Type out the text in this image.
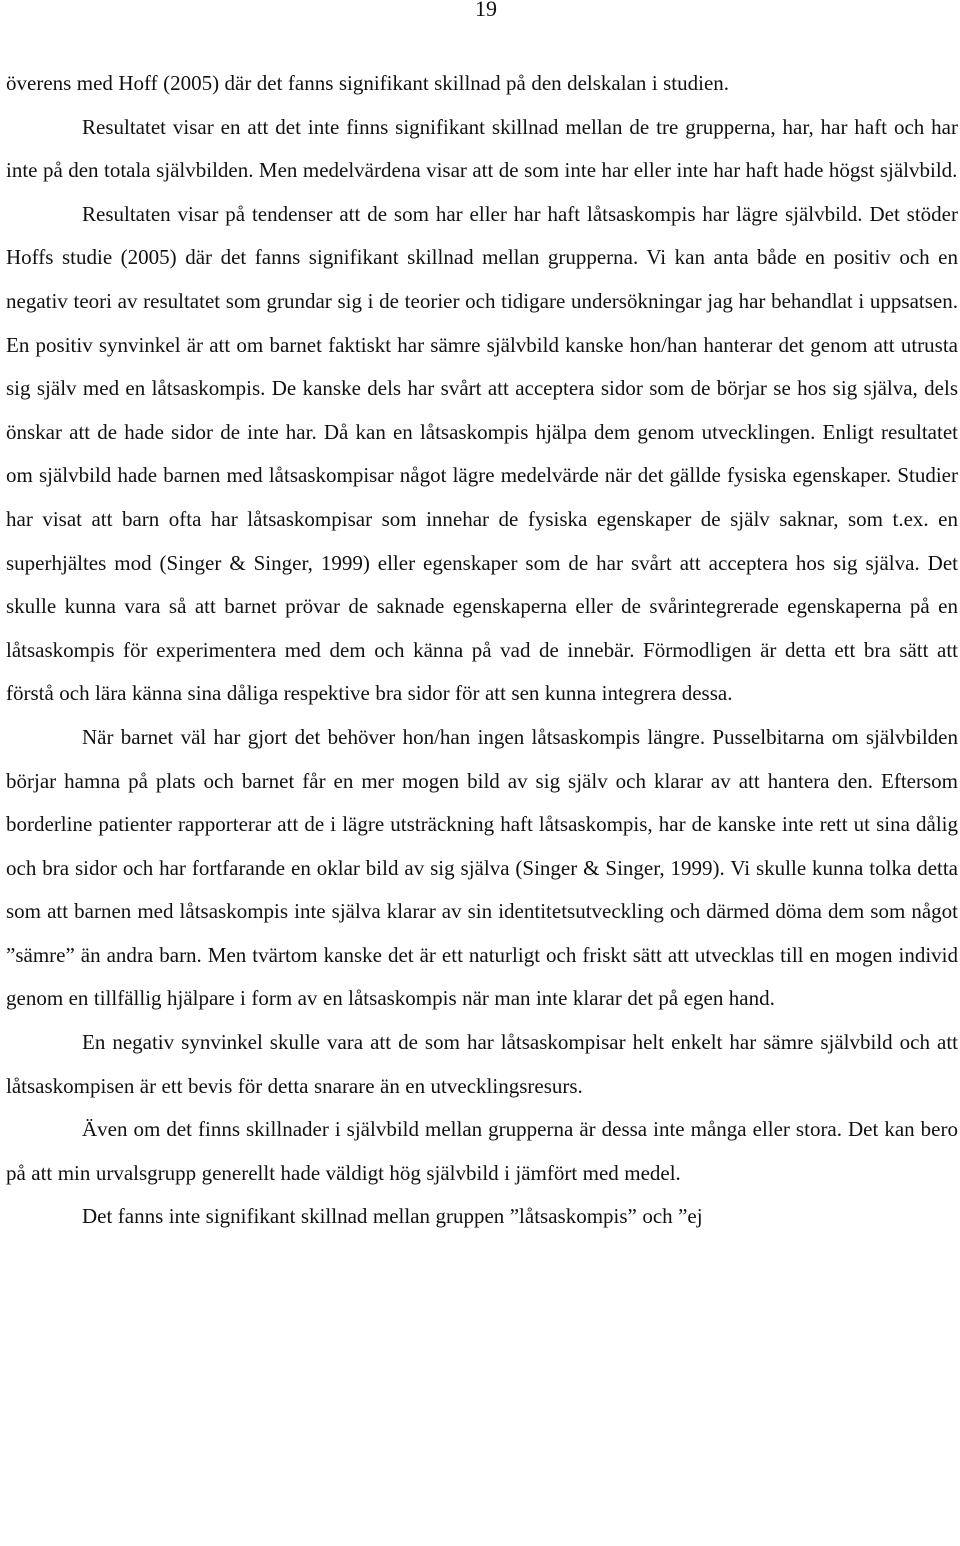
19

överens med Hoff (2005) där det fanns signifikant skillnad på den delskalan i studien.

Resultatet visar en att det inte finns signifikant skillnad mellan de tre grupperna, har, har haft och har inte på den totala självbilden. Men medelvärdena visar att de som inte har eller inte har haft hade högst självbild.

Resultaten visar på tendenser att de som har eller har haft låtsaskompis har lägre självbild. Det stöder Hoffs studie (2005) där det fanns signifikant skillnad mellan grupperna. Vi kan anta både en positiv och en negativ teori av resultatet som grundar sig i de teorier och tidigare undersökningar jag har behandlat i uppsatsen. En positiv synvinkel är att om barnet faktiskt har sämre självbild kanske hon/han hanterar det genom att utrusta sig själv med en låtsaskompis. De kanske dels har svårt att acceptera sidor som de börjar se hos sig själva, dels önskar att de hade sidor de inte har. Då kan en låtsaskompis hjälpa dem genom utvecklingen. Enligt resultatet om självbild hade barnen med låtsaskompisar något lägre medelvärde när det gällde fysiska egenskaper. Studier har visat att barn ofta har låtsaskompisar som innehar de fysiska egenskaper de själv saknar, som t.ex. en superhjältes mod (Singer & Singer, 1999) eller egenskaper som de har svårt att acceptera hos sig själva. Det skulle kunna vara så att barnet prövar de saknade egenskaperna eller de svårintegrerade egenskaperna på en låtsaskompis för experimentera med dem och känna på vad de innebär. Förmodligen är detta ett bra sätt att förstå och lära känna sina dåliga respektive bra sidor för att sen kunna integrera dessa.

När barnet väl har gjort det behöver hon/han ingen låtsaskompis längre. Pusselbitarna om självbilden börjar hamna på plats och barnet får en mer mogen bild av sig själv och klarar av att hantera den. Eftersom borderline patienter rapporterar att de i lägre utsträckning haft låtsaskompis, har de kanske inte rett ut sina dålig och bra sidor och har fortfarande en oklar bild av sig själva (Singer & Singer, 1999). Vi skulle kunna tolka detta som att barnen med låtsaskompis inte själva klarar av sin identitetsutveckling och därmed döma dem som något ”sämre” än andra barn. Men tvärtom kanske det är ett naturligt och friskt sätt att utvecklas till en mogen individ genom en tillfällig hjälpare i form av en låtsaskompis när man inte klarar det på egen hand.

En negativ synvinkel skulle vara att de som har låtsaskompisar helt enkelt har sämre självbild och att låtsaskompisen är ett bevis för detta snarare än en utvecklingsresurs.

Även om det finns skillnader i självbild mellan grupperna är dessa inte många eller stora. Det kan bero på att min urvalsgrupp generellt hade väldigt hög självbild i jämfört med medel.

Det fanns inte signifikant skillnad mellan gruppen ”låtsaskompis” och ”ej
